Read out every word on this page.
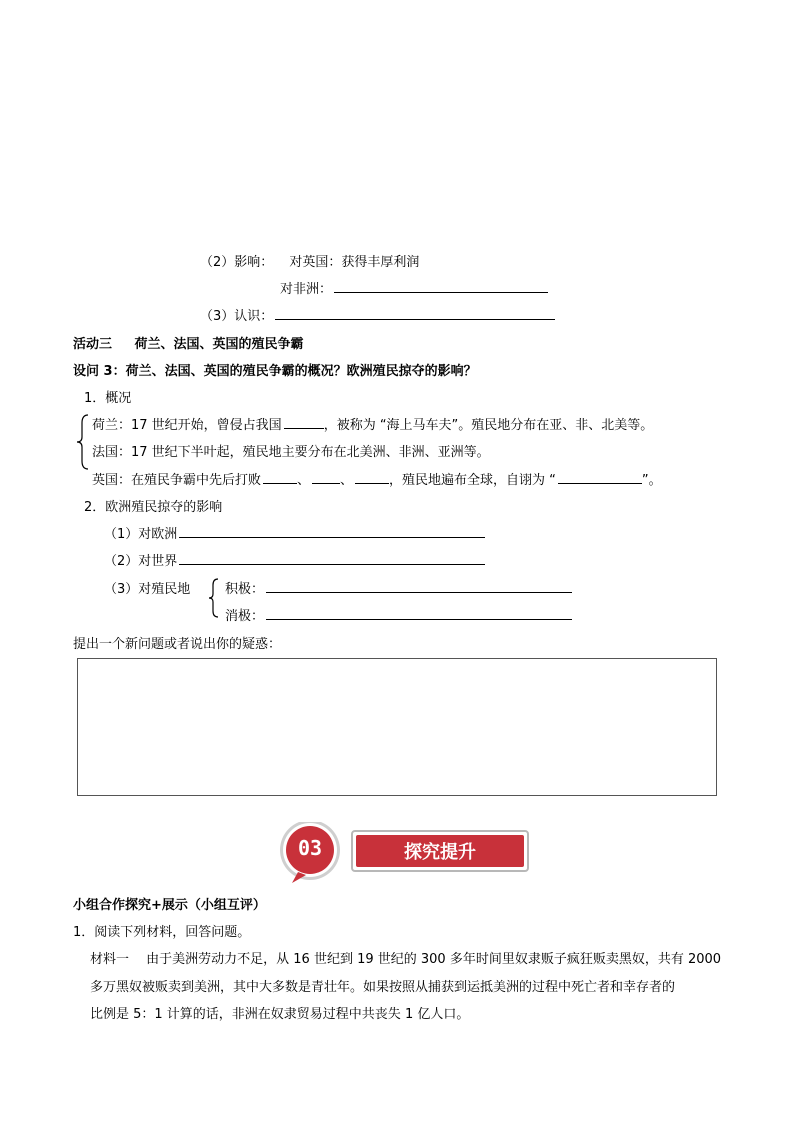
（2）影响： 对英国：获得丰厚利润
对非洲：
（3）认识：
活动三 荷兰、法国、英国的殖民争霸
设问 3：荷兰、法国、英国的殖民争霸的概况？欧洲殖民掠夺的影响？
1．概况
荷兰：17 世纪开始，曾侵占我国	，被称为 “海上马车夫”。殖民地分布在亚、非、北美等。
法国：17 世纪下半叶起，殖民地主要分布在北美洲、非洲、亚洲等。
英国：在殖民争霸中先后打败	、 、	，殖民地遍布全球，自诩为 “	”。
2．欧洲殖民掠夺的影响
（1）对欧洲
（2）对世界
（3）对殖民地	积极：
消极：
提出一个新问题或者说出你的疑惑：
03	探究提升
小组合作探究+展示（小组互评）
1．阅读下列材料，回答问题。
材料一　 由于美洲劳动力不足，从 16 世纪到 19 世纪的 300 多年时间里奴隶贩子疯狂贩卖黑奴，共有 2000
多万黑奴被贩卖到美洲，其中大多数是青壮年。如果按照从捕获到运抵美洲的过程中死亡者和幸存者的
比例是 5：1 计算的话，非洲在奴隶贸易过程中共丧失 1 亿人口。
